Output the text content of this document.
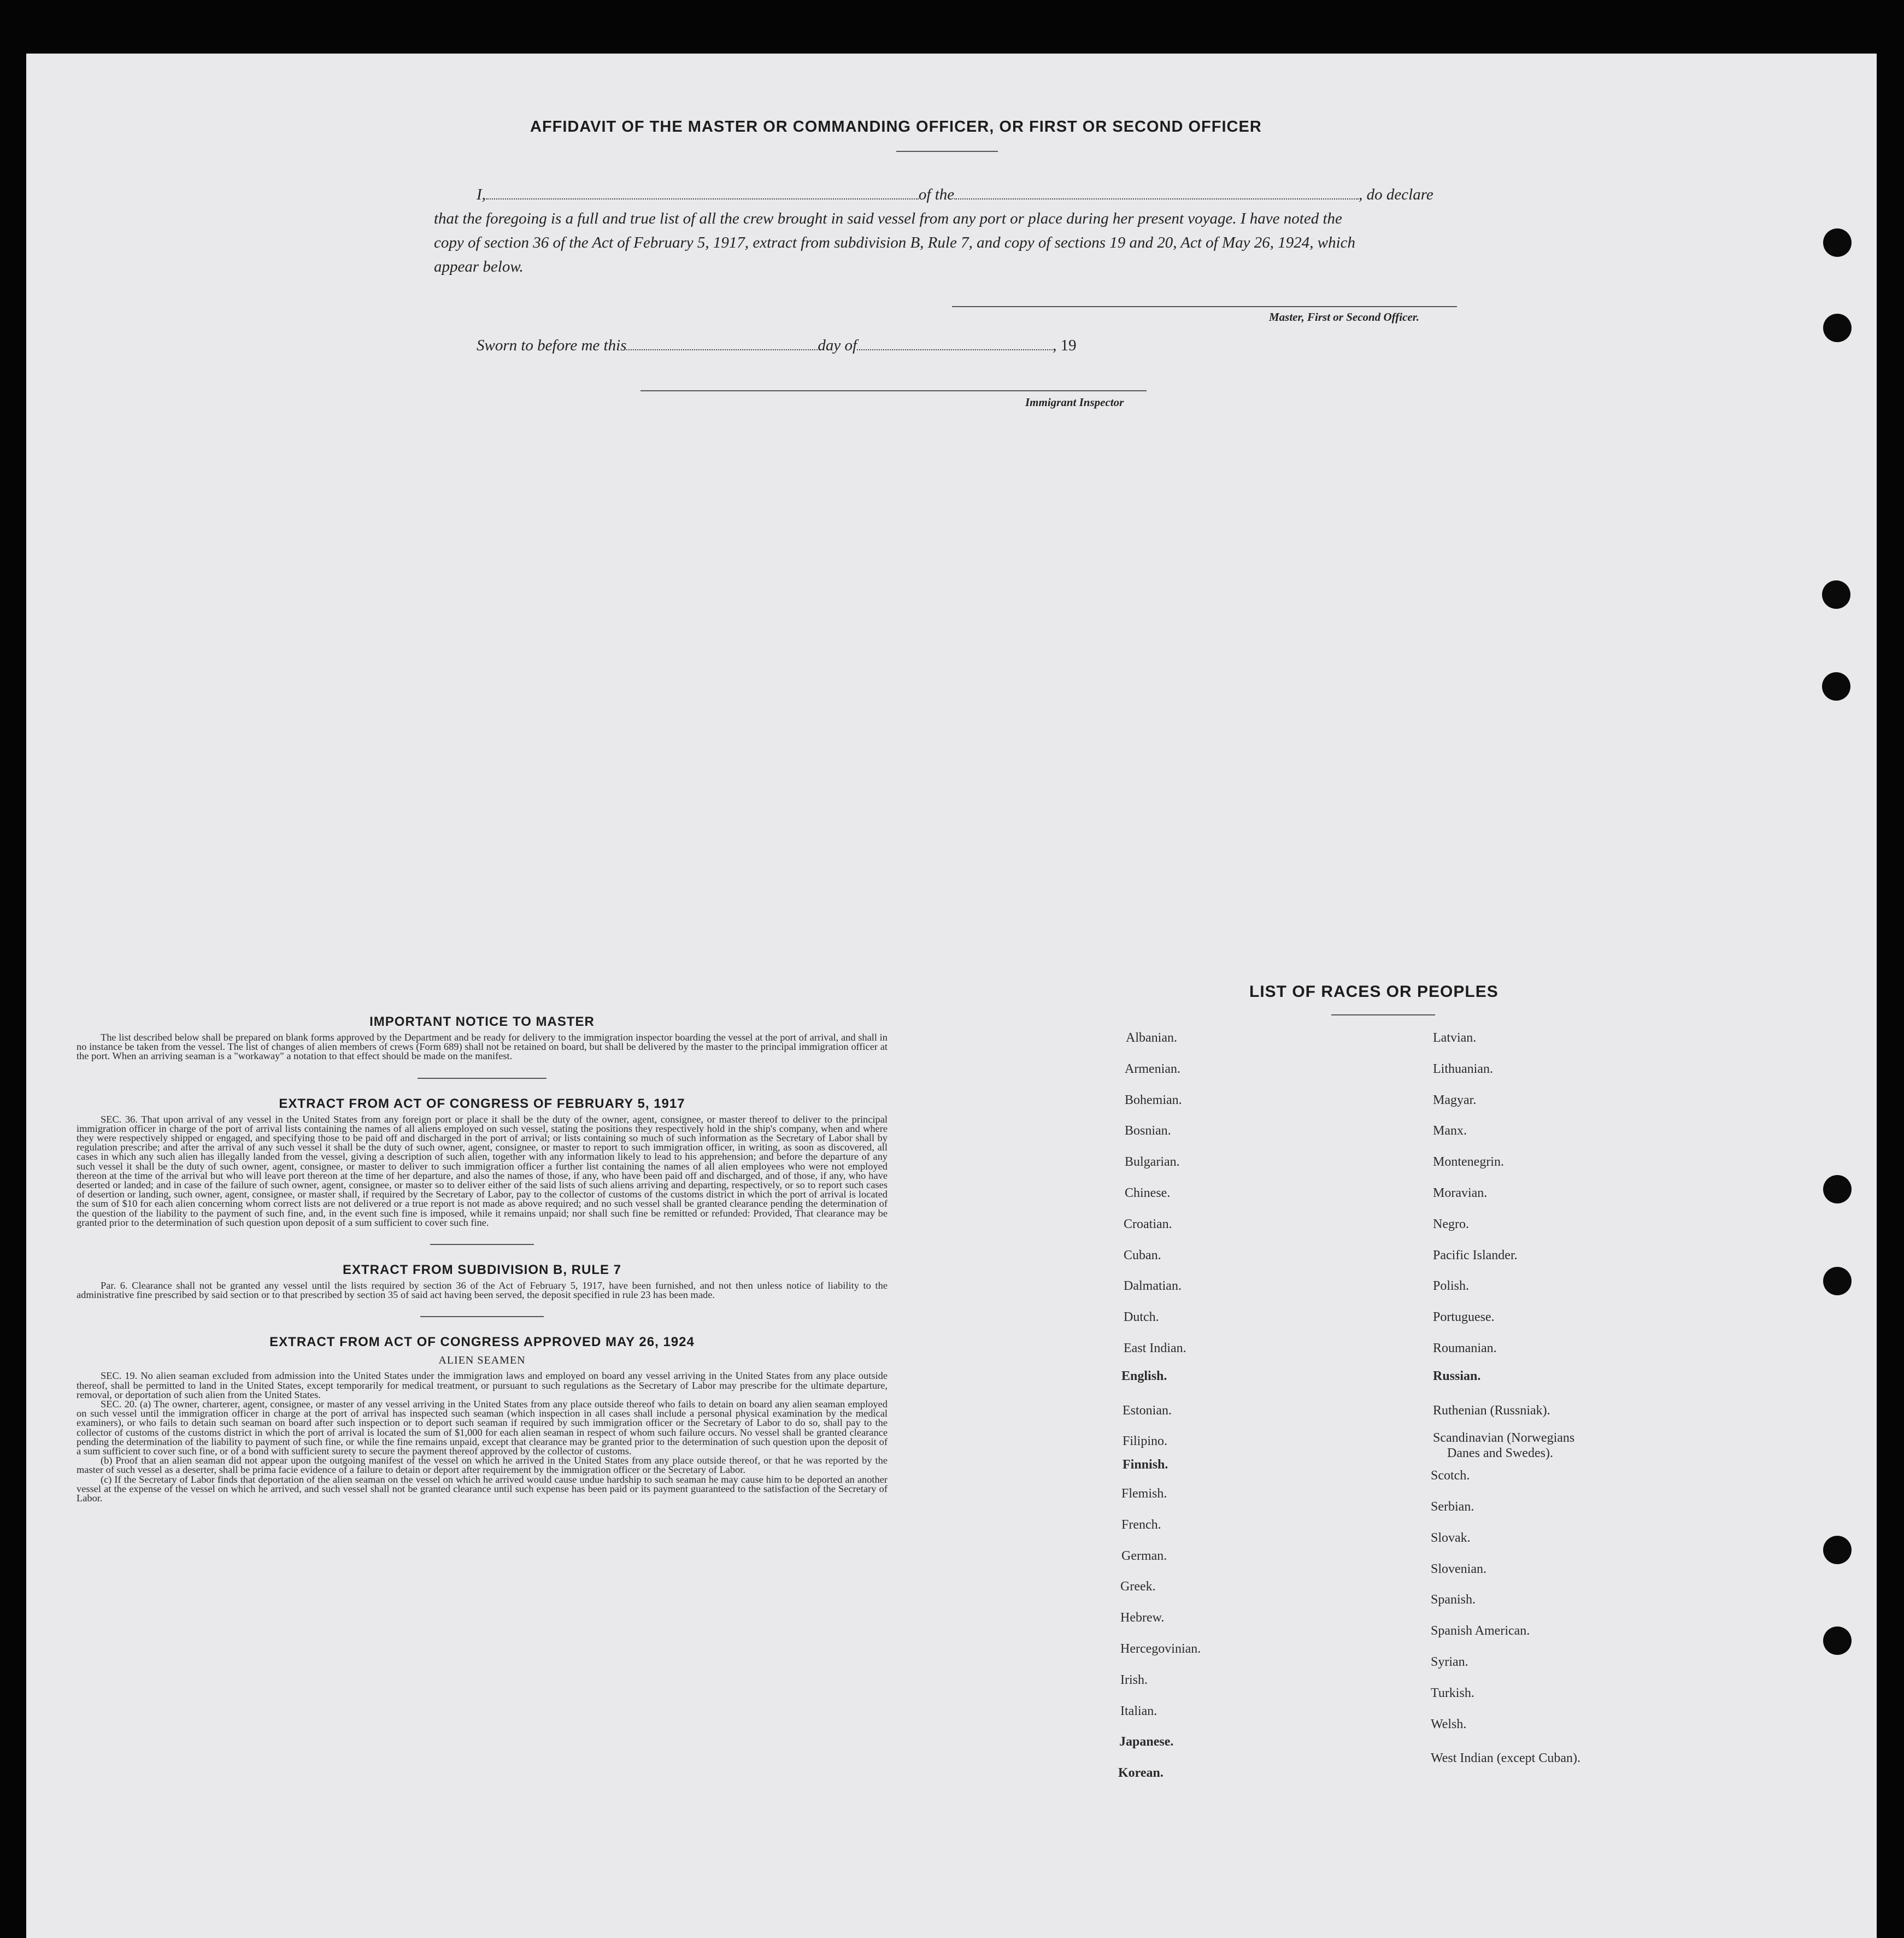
AFFIDAVIT OF THE MASTER OR COMMANDING OFFICER, OR FIRST OR SECOND OFFICER
I,	of the	, do declare
that the foregoing is a full and true list of all the crew brought in said vessel from any port or place during her present voyage. I have noted the
copy of section 36 of the Act of February 5, 1917, extract from subdivision B, Rule 7, and copy of sections 19 and 20, Act of May 26, 1924, which
appear below.
Master, First or Second Officer.
Sworn to before me this	day of	, 19
Immigrant Inspector
IMPORTANT NOTICE TO MASTER

The list described below shall be prepared on blank forms approved by the Department and be ready for delivery to the immigration inspector boarding the vessel at the port of arrival, and shall in no instance be taken from the vessel. The list of changes of alien members of crews (Form 689) shall not be retained on board, but shall be delivered by the master to the principal immigration officer at the port. When an arriving seaman is a "workaway" a notation to that effect should be made on the manifest.

EXTRACT FROM ACT OF CONGRESS OF FEBRUARY 5, 1917

SEC. 36. That upon arrival of any vessel in the United States from any foreign port or place it shall be the duty of the owner, agent, consignee, or master thereof to deliver to the principal immigration officer in charge of the port of arrival lists containing the names of all aliens employed on such vessel, stating the positions they respectively hold in the ship's company, when and where they were respectively shipped or engaged, and specifying those to be paid off and discharged in the port of arrival; or lists containing so much of such information as the Secretary of Labor shall by regulation prescribe; and after the arrival of any such vessel it shall be the duty of such owner, agent, consignee, or master to report to such immigration officer, in writing, as soon as discovered, all cases in which any such alien has illegally landed from the vessel, giving a description of such alien, together with any information likely to lead to his apprehension; and before the departure of any such vessel it shall be the duty of such owner, agent, consignee, or master to deliver to such immigration officer a further list containing the names of all alien employees who were not employed thereon at the time of the arrival but who will leave port thereon at the time of her departure, and also the names of those, if any, who have been paid off and discharged, and of those, if any, who have deserted or landed; and in case of the failure of such owner, agent, consignee, or master so to deliver either of the said lists of such aliens arriving and departing, respectively, or so to report such cases of desertion or landing, such owner, agent, consignee, or master shall, if required by the Secretary of Labor, pay to the collector of customs of the customs district in which the port of arrival is located the sum of $10 for each alien concerning whom correct lists are not delivered or a true report is not made as above required; and no such vessel shall be granted clearance pending the determination of the question of the liability to the payment of such fine, and, in the event such fine is imposed, while it remains unpaid; nor shall such fine be remitted or refunded: Provided, That clearance may be granted prior to the determination of such question upon deposit of a sum sufficient to cover such fine.

EXTRACT FROM SUBDIVISION B, RULE 7

Par. 6. Clearance shall not be granted any vessel until the lists required by section 36 of the Act of February 5, 1917, have been furnished, and not then unless notice of liability to the administrative fine prescribed by said section or to that prescribed by section 35 of said act having been served, the deposit specified in rule 23 has been made.

EXTRACT FROM ACT OF CONGRESS APPROVED MAY 26, 1924
ALIEN SEAMEN

SEC. 19. No alien seaman excluded from admission into the United States under the immigration laws and employed on board any vessel arriving in the United States from any place outside thereof, shall be permitted to land in the United States, except temporarily for medical treatment, or pursuant to such regulations as the Secretary of Labor may prescribe for the ultimate departure, removal, or deportation of such alien from the United States.

SEC. 20. (a) The owner, charterer, agent, consignee, or master of any vessel arriving in the United States from any place outside thereof who fails to detain on board any alien seaman employed on such vessel until the immigration officer in charge at the port of arrival has inspected such seaman (which inspection in all cases shall include a personal physical examination by the medical examiners), or who fails to detain such seaman on board after such inspection or to deport such seaman if required by such immigration officer or the Secretary of Labor to do so, shall pay to the collector of customs of the customs district in which the port of arrival is located the sum of $1,000 for each alien seaman in respect of whom such failure occurs. No vessel shall be granted clearance pending the determination of the liability to payment of such fine, or while the fine remains unpaid, except that clearance may be granted prior to the determination of such question upon the deposit of a sum sufficient to cover such fine, or of a bond with sufficient surety to secure the payment thereof approved by the collector of customs.

(b) Proof that an alien seaman did not appear upon the outgoing manifest of the vessel on which he arrived in the United States from any place outside thereof, or that he was reported by the master of such vessel as a deserter, shall be prima facie evidence of a failure to detain or deport after requirement by the immigration officer or the Secretary of Labor.

(c) If the Secretary of Labor finds that deportation of the alien seaman on the vessel on which he arrived would cause undue hardship to such seaman he may cause him to be deported an another vessel at the expense of the vessel on which he arrived, and such vessel shall not be granted clearance until such expense has been paid or its payment guaranteed to the satisfaction of the Secretary of Labor.

LIST OF RACES OR PEOPLES
Albanian.
Armenian.
Bohemian.
Bosnian.
Bulgarian.
Chinese.
Croatian.
Cuban.
Dalmatian.
Dutch.
East Indian.
English.
Estonian.
Filipino.
Finnish.
Flemish.
French.
German.
Greek.
Hebrew.
Hercegovinian.
Irish.
Italian.
Japanese.
Korean.
Latvian.
Lithuanian.
Magyar.
Manx.
Montenegrin.
Moravian.
Negro.
Pacific Islander.
Polish.
Portuguese.
Roumanian.
Russian.
Ruthenian (Russniak).
Scandinavian (Norwegians
Danes and Swedes).
Scotch.
Serbian.
Slovak.
Slovenian.
Spanish.
Spanish American.
Syrian.
Turkish.
Welsh.
West Indian (except Cuban).
